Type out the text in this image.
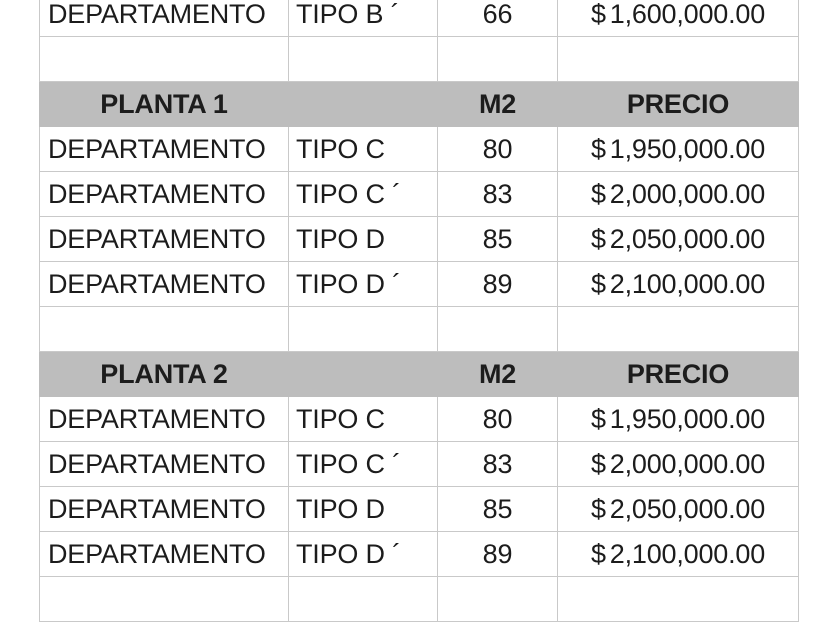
DEPARTAMENTO	TIPO B ´	66	$ 1,600,000.00

PLANTA 1		M2	PRECIO
DEPARTAMENTO	TIPO C	80	$ 1,950,000.00
DEPARTAMENTO	TIPO C ´	83	$ 2,000,000.00
DEPARTAMENTO	TIPO D	85	$ 2,050,000.00
DEPARTAMENTO	TIPO D ´	89	$ 2,100,000.00

PLANTA 2		M2	PRECIO
DEPARTAMENTO	TIPO C	80	$ 1,950,000.00
DEPARTAMENTO	TIPO C ´	83	$ 2,000,000.00
DEPARTAMENTO	TIPO D	85	$ 2,050,000.00
DEPARTAMENTO	TIPO D ´	89	$ 2,100,000.00
